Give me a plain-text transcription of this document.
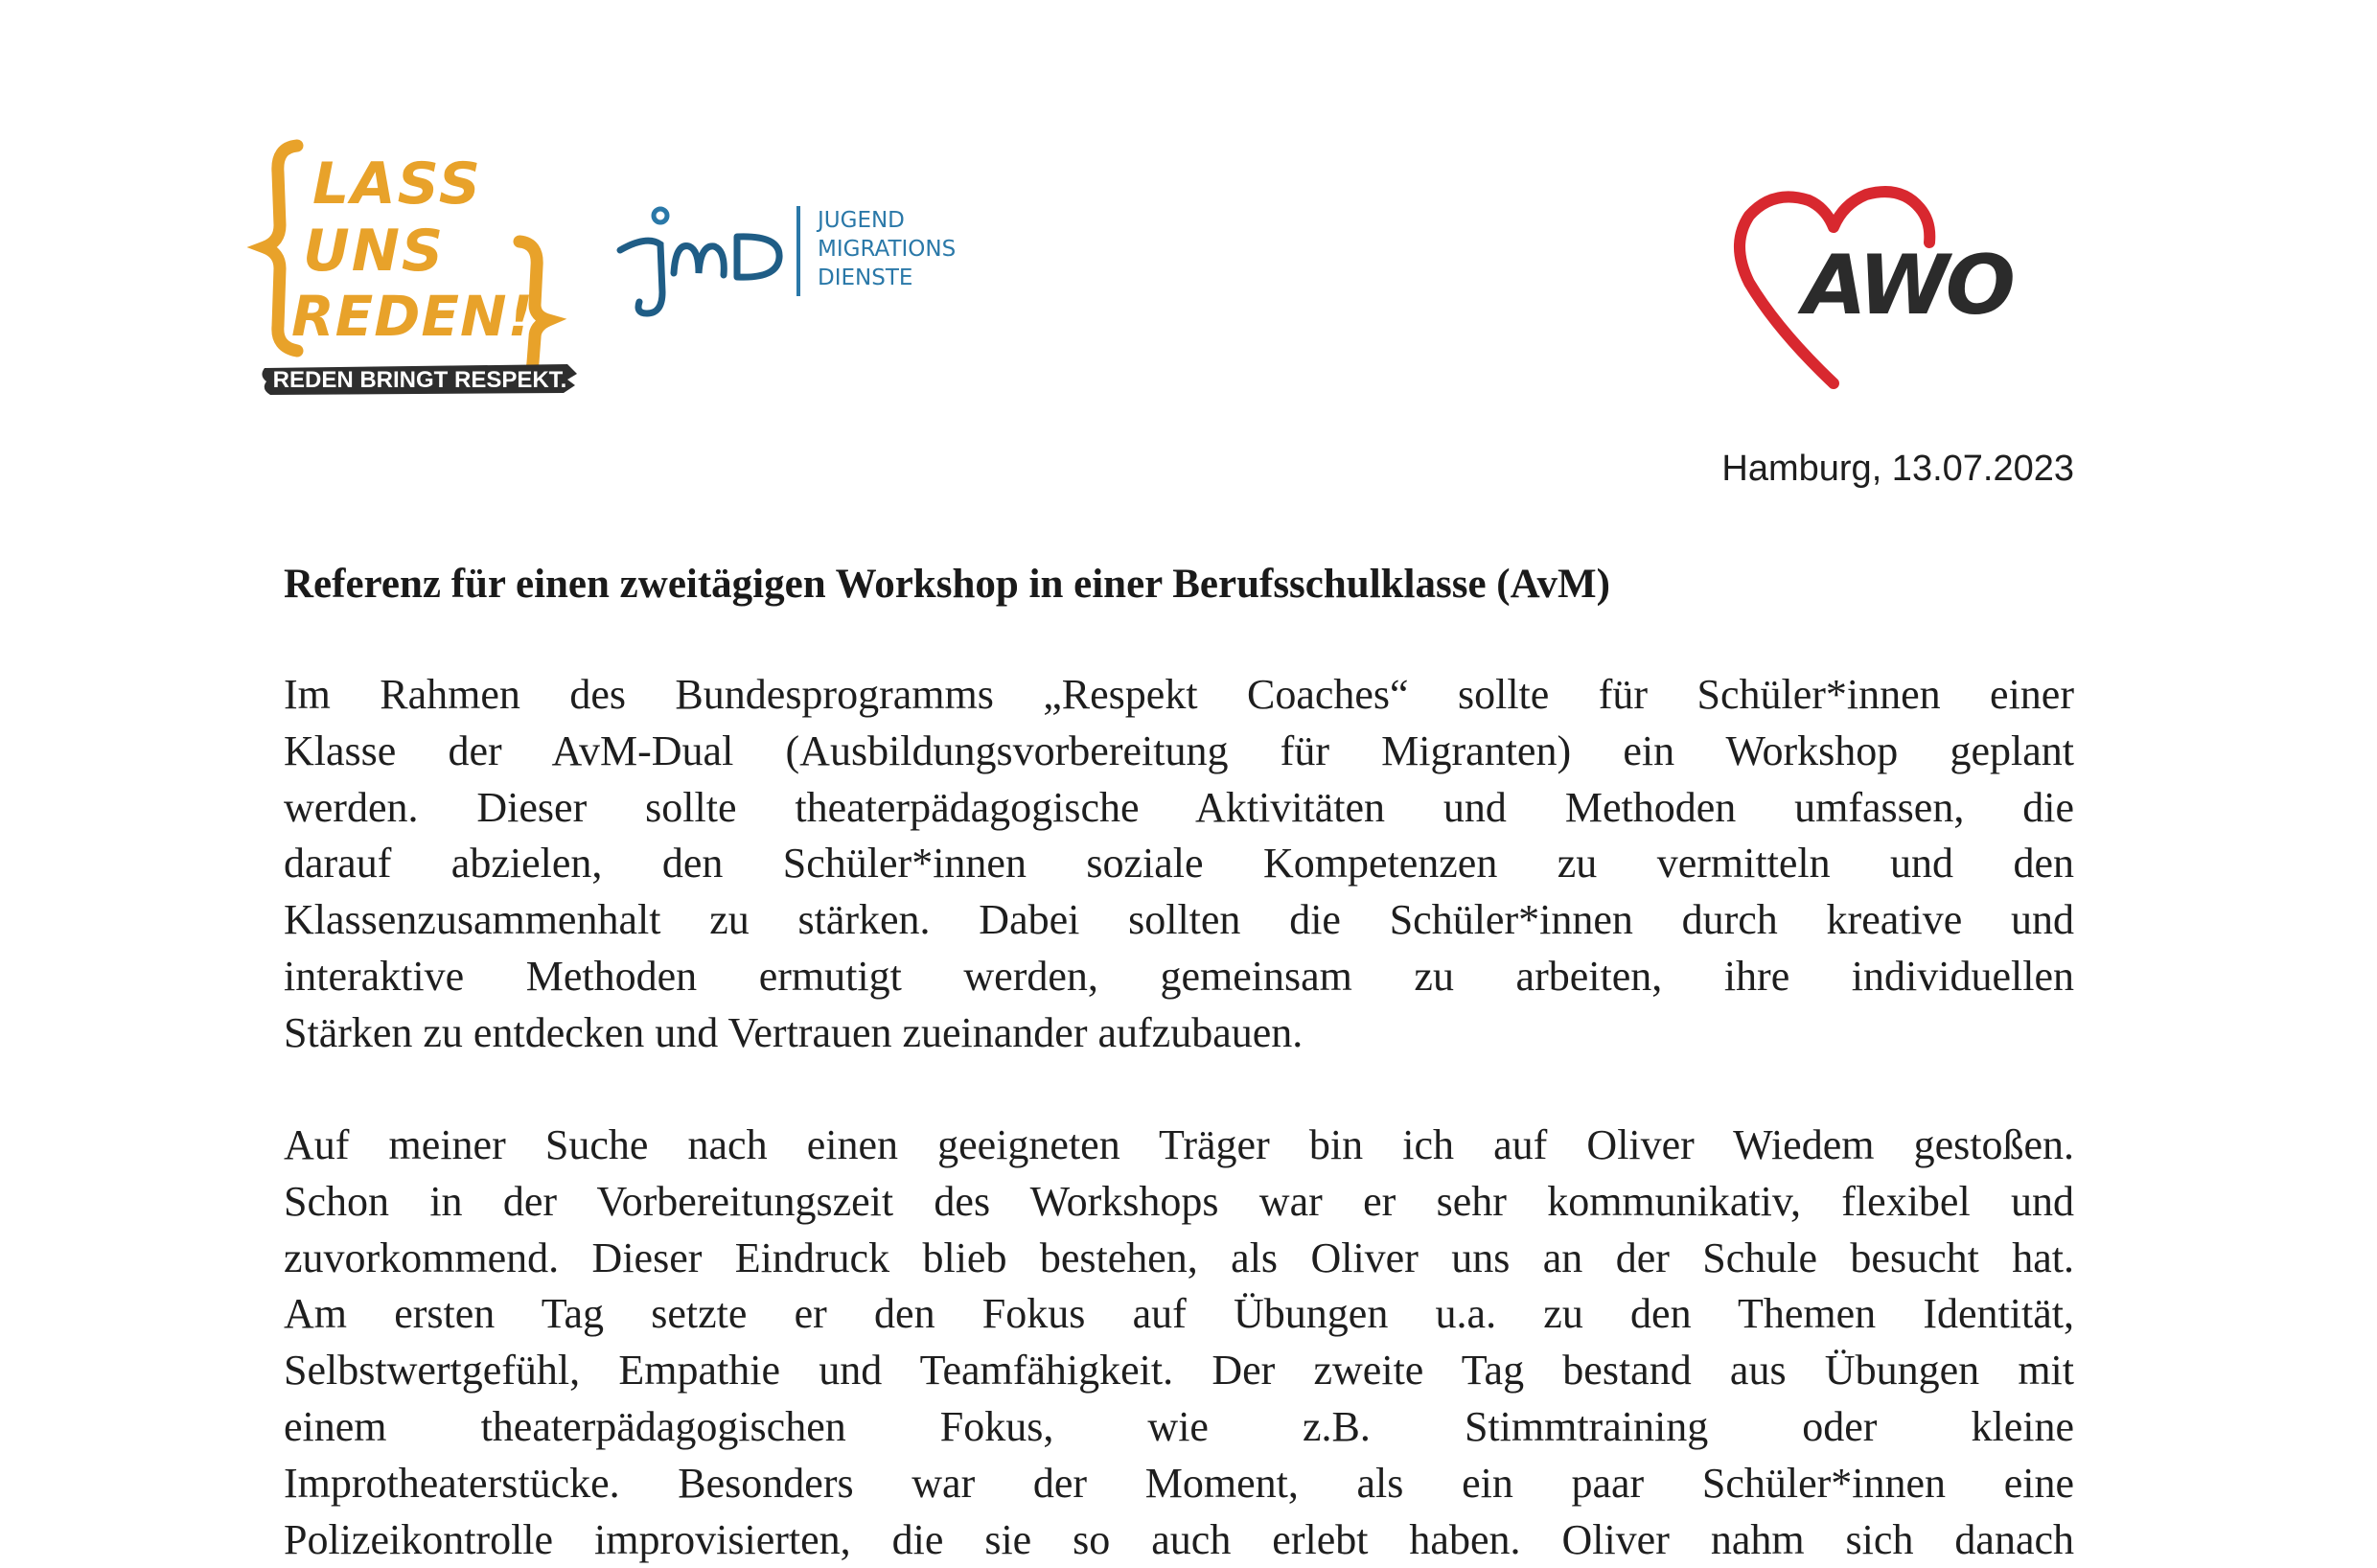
LASS
UNS
REDEN!
REDEN BRINGT RESPEKT.
JUGEND
MIGRATIONS
DIENSTE	AWO
Hamburg, 13.07.2023
Referenz für einen zweitägigen Workshop in einer Berufsschulklasse (AvM)
Im Rahmen des Bundesprogramms „Respekt Coaches“ sollte für Schüler*innen einer
Klasse der AvM-Dual (Ausbildungsvorbereitung für Migranten) ein Workshop geplant
werden. Dieser sollte theaterpädagogische Aktivitäten und Methoden umfassen, die
darauf abzielen, den Schüler*innen soziale Kompetenzen zu vermitteln und den
Klassenzusammenhalt zu stärken. Dabei sollten die Schüler*innen durch kreative und
interaktive Methoden ermutigt werden, gemeinsam zu arbeiten, ihre individuellen
Stärken zu entdecken und Vertrauen zueinander aufzubauen.
Auf meiner Suche nach einen geeigneten Träger bin ich auf Oliver Wiedem gestoßen.
Schon in der Vorbereitungszeit des Workshops war er sehr kommunikativ, flexibel und
zuvorkommend. Dieser Eindruck blieb bestehen, als Oliver uns an der Schule besucht hat.
Am ersten Tag setzte er den Fokus auf Übungen u.a. zu den Themen Identität,
Selbstwertgefühl, Empathie und Teamfähigkeit. Der zweite Tag bestand aus Übungen mit
einem theaterpädagogischen Fokus, wie z.B. Stimmtraining oder kleine
Improtheaterstücke. Besonders war der Moment, als ein paar Schüler*innen eine
Polizeikontrolle improvisierten, die sie so auch erlebt haben. Oliver nahm sich danach
